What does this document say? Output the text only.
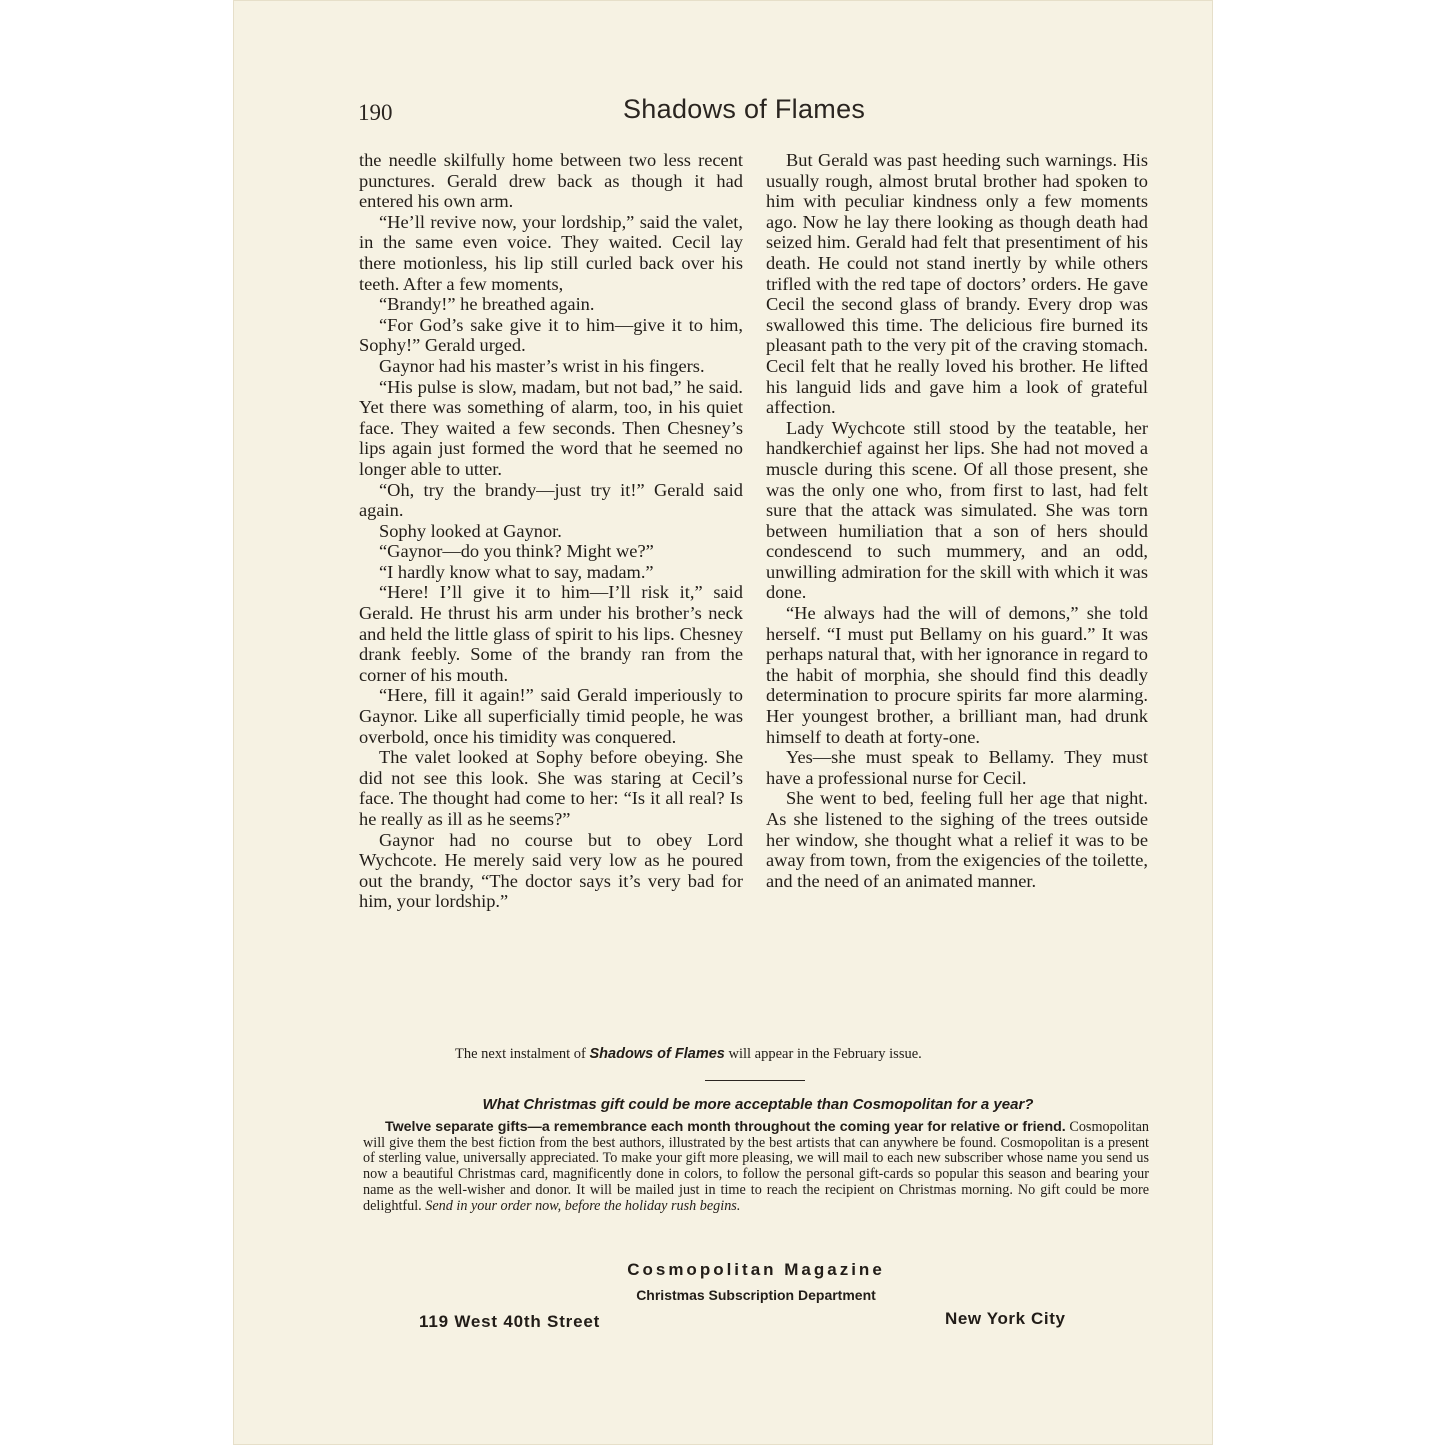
190	Shadows of Flames

the needle skilfully home between two less recent punctures. Gerald drew back as though it had entered his own arm.

“He’ll revive now, your lordship,” said the valet, in the same even voice. They waited. Cecil lay there motionless, his lip still curled back over his teeth. After a few moments,

“Brandy!” he breathed again.

“For God’s sake give it to him—give it to him, Sophy!” Gerald urged.

Gaynor had his master’s wrist in his fingers.

“His pulse is slow, madam, but not bad,” he said. Yet there was something of alarm, too, in his quiet face. They waited a few seconds. Then Chesney’s lips again just formed the word that he seemed no longer able to utter.

“Oh, try the brandy—just try it!” Gerald said again.

Sophy looked at Gaynor.

“Gaynor—do you think? Might we?”

“I hardly know what to say, madam.”

“Here! I’ll give it to him—I’ll risk it,” said Gerald. He thrust his arm under his brother’s neck and held the little glass of spirit to his lips. Chesney drank feebly. Some of the brandy ran from the corner of his mouth.

“Here, fill it again!” said Gerald imperiously to Gaynor. Like all superficially timid people, he was overbold, once his timidity was conquered.

The valet looked at Sophy before obeying. She did not see this look. She was staring at Cecil’s face. The thought had come to her: “Is it all real? Is he really as ill as he seems?”

Gaynor had no course but to obey Lord Wychcote. He merely said very low as he poured out the brandy, “The doctor says it’s very bad for him, your lordship.”

But Gerald was past heeding such warnings. His usually rough, almost brutal brother had spoken to him with peculiar kindness only a few moments ago. Now he lay there looking as though death had seized him. Gerald had felt that presentiment of his death. He could not stand inertly by while others trifled with the red tape of doctors’ orders. He gave Cecil the second glass of brandy. Every drop was swallowed this time. The delicious fire burned its pleasant path to the very pit of the craving stomach. Cecil felt that he really loved his brother. He lifted his languid lids and gave him a look of grateful affection.

Lady Wychcote still stood by the teatable, her handkerchief against her lips. She had not moved a muscle during this scene. Of all those present, she was the only one who, from first to last, had felt sure that the attack was simulated. She was torn between humiliation that a son of hers should condescend to such mummery, and an odd, unwilling admiration for the skill with which it was done.

“He always had the will of demons,” she told herself. “I must put Bellamy on his guard.” It was perhaps natural that, with her ignorance in regard to the habit of morphia, she should find this deadly determination to procure spirits far more alarming. Her youngest brother, a brilliant man, had drunk himself to death at forty-one.

Yes—she must speak to Bellamy. They must have a professional nurse for Cecil.

She went to bed, feeling full her age that night. As she listened to the sighing of the trees outside her window, she thought what a relief it was to be away from town, from the exigencies of the toilette, and the need of an animated manner.

The next instalment of Shadows of Flames will appear in the February issue.
What Christmas gift could be more acceptable than Cosmopolitan for a year?

Twelve separate gifts—a remembrance each month throughout the coming year for relative or friend. Cosmopolitan will give them the best fiction from the best authors, illustrated by the best artists that can anywhere be found. Cosmopolitan is a present of sterling value, universally appreciated. To make your gift more pleasing, we will mail to each new subscriber whose name you send us now a beautiful Christmas card, magnificently done in colors, to follow the personal gift-cards so popular this season and bearing your name as the well-wisher and donor. It will be mailed just in time to reach the recipient on Christmas morning. No gift could be more delightful. Send in your order now, before the holiday rush begins.

Cosmopolitan Magazine
Christmas Subscription Department
119 West 40th Street	New York City
